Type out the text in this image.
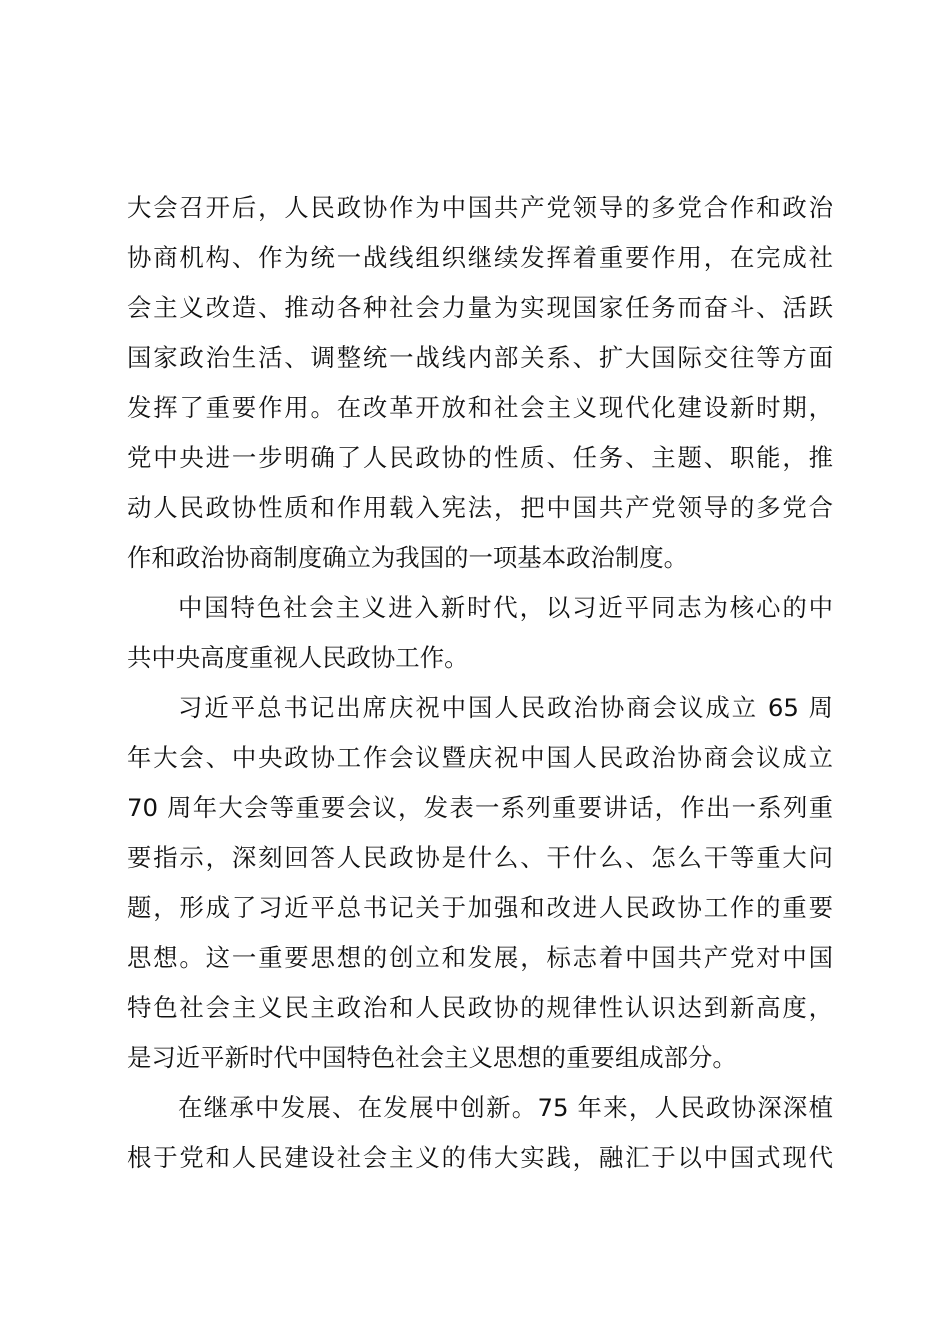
大会召开后，人民政协作为中国共产党领导的多党合作和政治
协商机构、作为统一战线组织继续发挥着重要作用，在完成社
会主义改造、推动各种社会力量为实现国家任务而奋斗、活跃
国家政治生活、调整统一战线内部关系、扩大国际交往等方面
发挥了重要作用。在改革开放和社会主义现代化建设新时期，
党中央进一步明确了人民政协的性质、任务、主题、职能，推
动人民政协性质和作用载入宪法，把中国共产党领导的多党合
作和政治协商制度确立为我国的一项基本政治制度。
中国特色社会主义进入新时代，以习近平同志为核心的中
共中央高度重视人民政协工作。
习近平总书记出席庆祝中国人民政治协商会议成立 65 周
年大会、中央政协工作会议暨庆祝中国人民政治协商会议成立
70 周年大会等重要会议，发表一系列重要讲话，作出一系列重
要指示，深刻回答人民政协是什么、干什么、怎么干等重大问
题，形成了习近平总书记关于加强和改进人民政协工作的重要
思想。这一重要思想的创立和发展，标志着中国共产党对中国
特色社会主义民主政治和人民政协的规律性认识达到新高度，
是习近平新时代中国特色社会主义思想的重要组成部分。
在继承中发展、在发展中创新。75 年来，人民政协深深植
根于党和人民建设社会主义的伟大实践，融汇于以中国式现代
